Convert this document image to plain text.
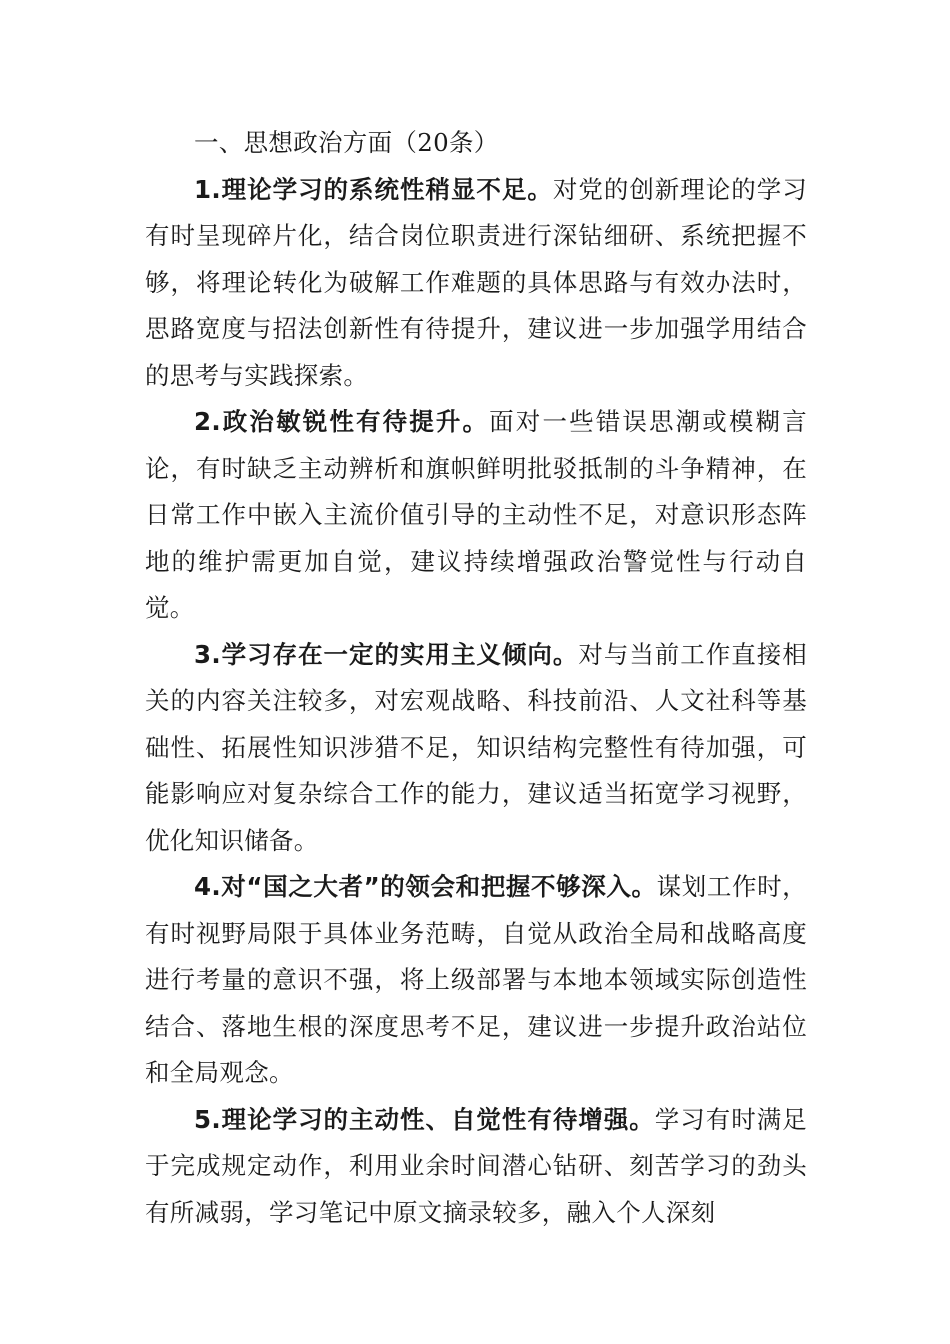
一、思想政治方面（20条）

1.理论学习的系统性稍显不足。对党的创新理论的学习有时呈现碎片化，结合岗位职责进行深钻细研、系统把握不够，将理论转化为破解工作难题的具体思路与有效办法时，思路宽度与招法创新性有待提升，建议进一步加强学用结合的思考与实践探索。

2.政治敏锐性有待提升。面对一些错误思潮或模糊言论，有时缺乏主动辨析和旗帜鲜明批驳抵制的斗争精神，在日常工作中嵌入主流价值引导的主动性不足，对意识形态阵地的维护需更加自觉，建议持续增强政治警觉性与行动自觉。

3.学习存在一定的实用主义倾向。对与当前工作直接相关的内容关注较多，对宏观战略、科技前沿、人文社科等基础性、拓展性知识涉猎不足，知识结构完整性有待加强，可能影响应对复杂综合工作的能力，建议适当拓宽学习视野，优化知识储备。

4.对“国之大者”的领会和把握不够深入。谋划工作时，有时视野局限于具体业务范畴，自觉从政治全局和战略高度进行考量的意识不强，将上级部署与本地本领域实际创造性结合、落地生根的深度思考不足，建议进一步提升政治站位和全局观念。

5.理论学习的主动性、自觉性有待增强。学习有时满足于完成规定动作，利用业余时间潜心钻研、刻苦学习的劲头有所减弱，学习笔记中原文摘录较多，融入个人深刻
